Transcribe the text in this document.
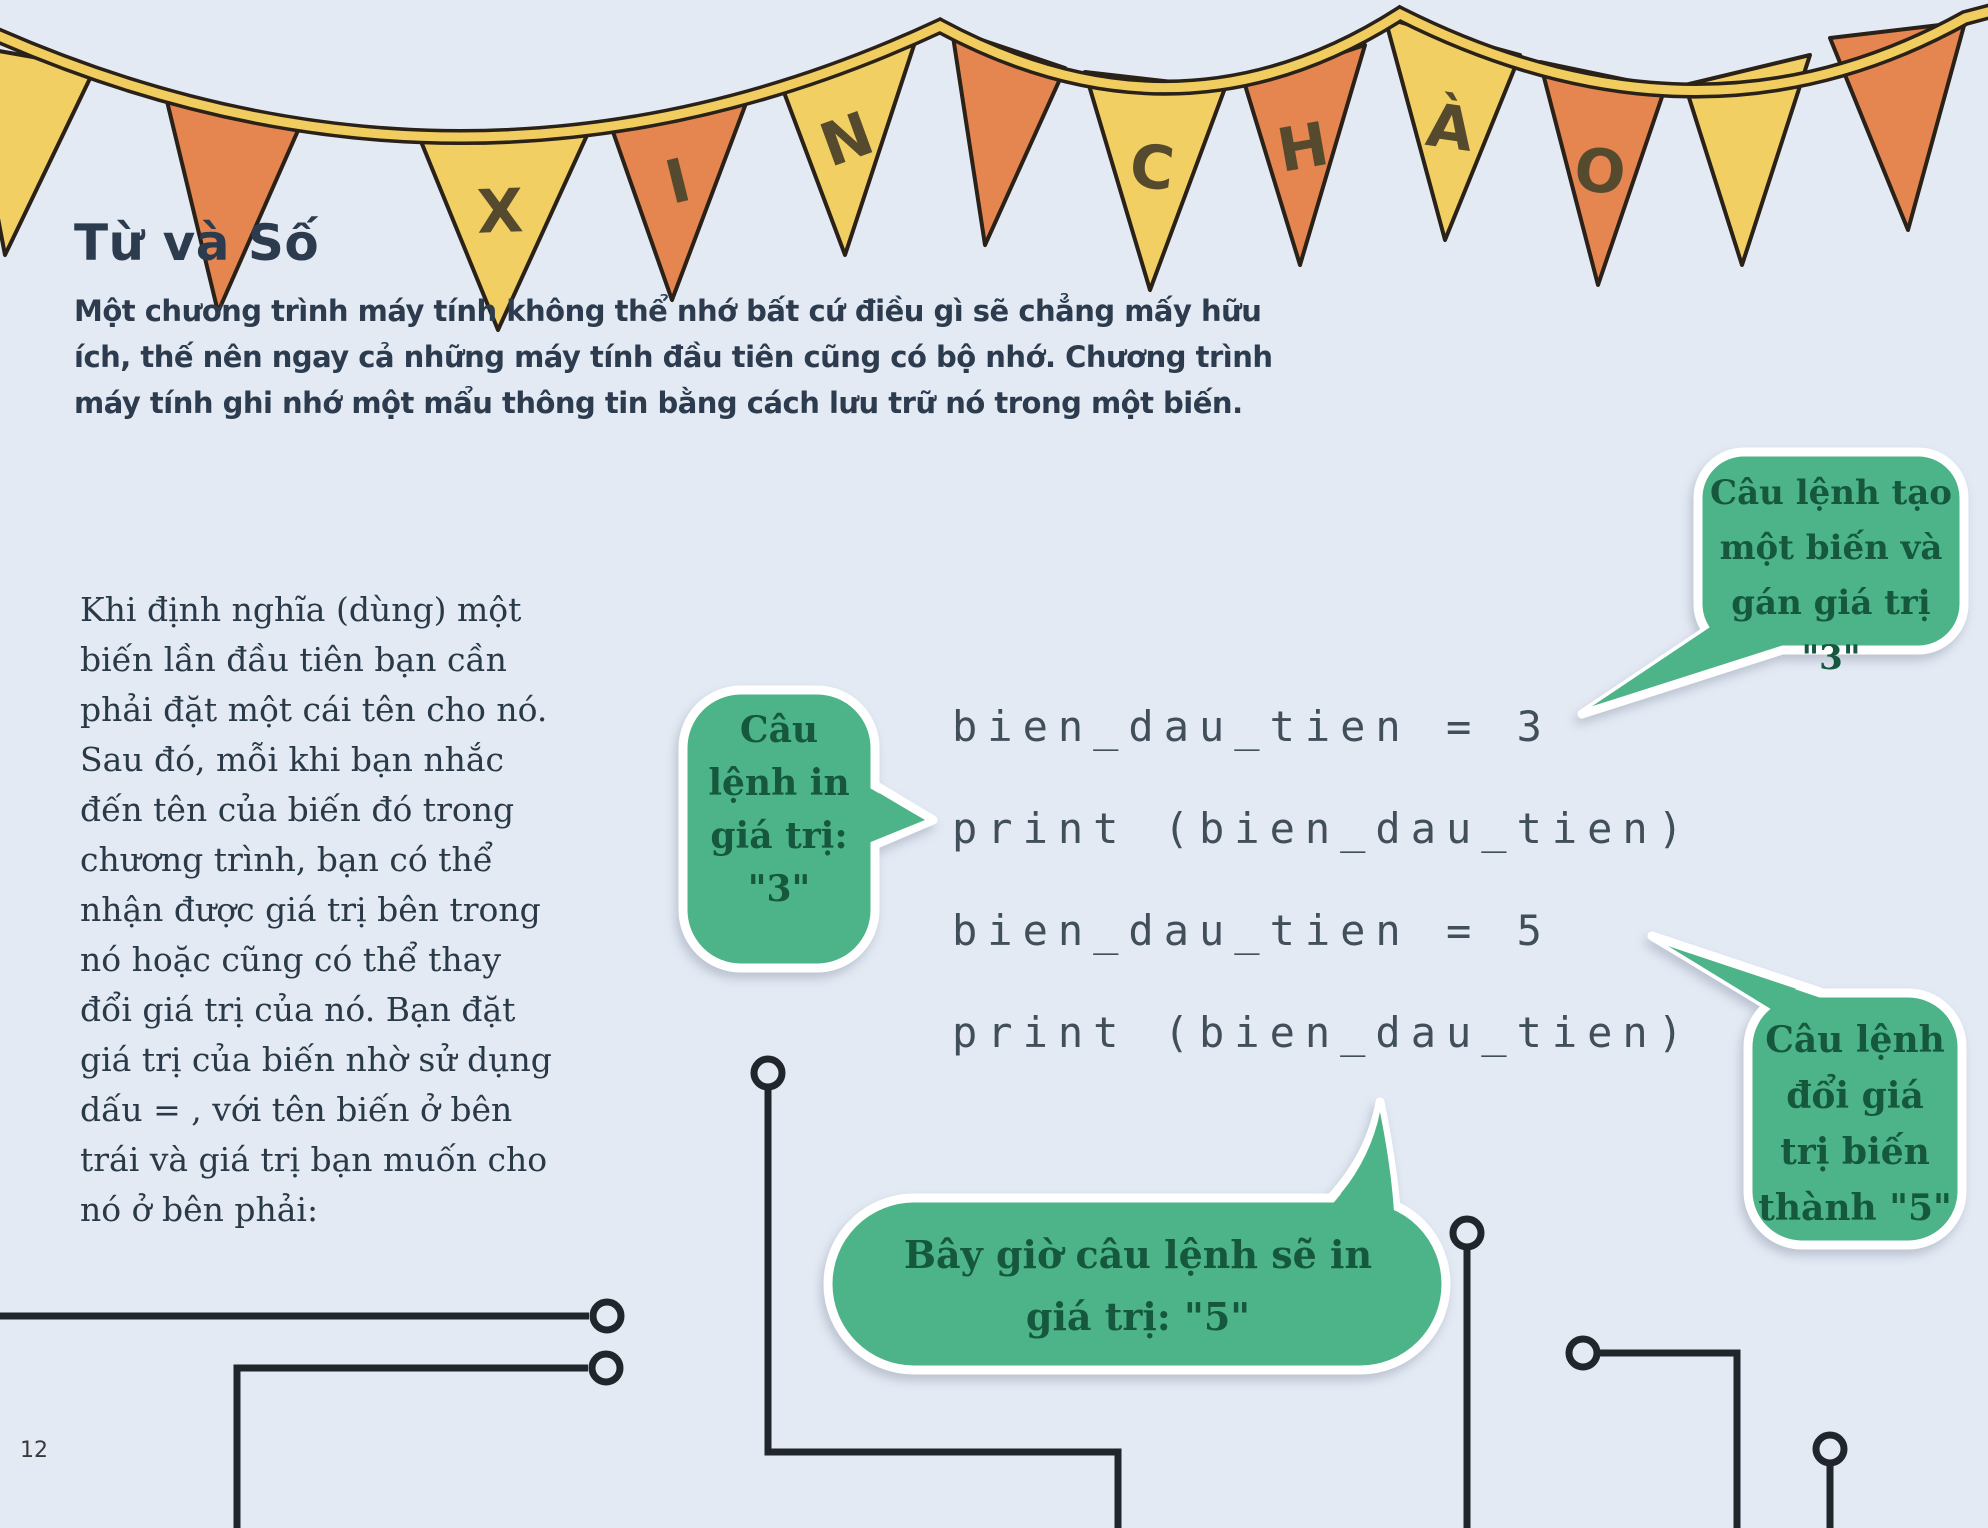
X I
N	C H À
O
Từ và Số
Một chương trình máy tính không thể nhớ bất cứ điều gì sẽ chẳng mấy hữu
ích, thế nên ngay cả những máy tính đầu tiên cũng có bộ nhớ. Chương trình
máy tính ghi nhớ một mẩu thông tin bằng cách lưu trữ nó trong một biến.
Khi định nghĩa (dùng) một
biến lần đầu tiên bạn cần
phải đặt một cái tên cho nó.
Sau đó, mỗi khi bạn nhắc
đến tên của biến đó trong
chương trình, bạn có thể
nhận được giá trị bên trong
nó hoặc cũng có thể thay
đổi giá trị của nó. Bạn đặt
giá trị của biến nhờ sử dụng
dấu = , với tên biến ở bên
trái và giá trị bạn muốn cho
nó ở bên phải:
bien_dau_tien = 3
print (bien_dau_tien)
bien_dau_tien = 5
print (bien_dau_tien)
Câu lệnh tạo
một biến và
gán giá trị "3"
Câu
lệnh in
giá trị:
"3"
Bây giờ câu lệnh sẽ in
giá trị: "5"
Câu lệnh
đổi giá
trị biến
thành "5"
12
